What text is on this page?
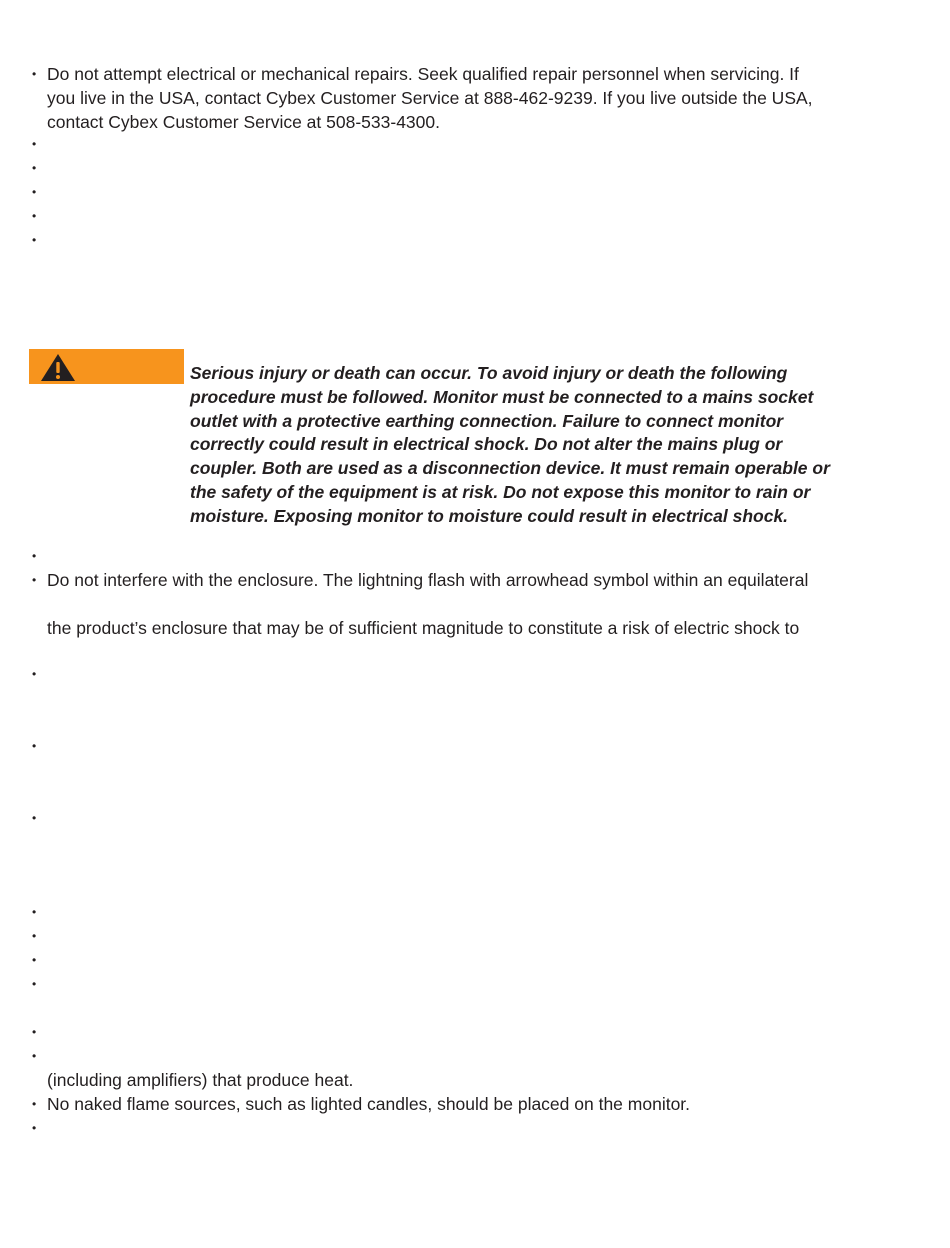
Serious injury or death can occur. To avoid injury or death the following
procedure must be followed. Monitor must be connected to a mains socket
outlet with a protective earthing connection. Failure to connect monitor
correctly could result in electrical shock. Do not alter the mains plug or
coupler. Both are used as a disconnection device. It must remain operable or
the safety of the equipment is at risk. Do not expose this monitor to rain or
moisture. Exposing monitor to moisture could result in electrical shock.
• Do not attempt electrical or mechanical repairs. Seek qualified repair personnel when servicing. If
you live in the USA, contact Cybex Customer Service at 888-462-9239. If you live outside the USA,
contact Cybex Customer Service at 508-533-4300.
•
•
•
•
•
•
• Do not interfere with the enclosure. The lightning flash with arrowhead symbol within an equilateral
•
•
•
•
•
•
•
•
•
• No naked flame sources, such as lighted candles, should be placed on the monitor.
•
the product’s enclosure that may be of sufficient magnitude to constitute a risk of electric shock to
(including amplifiers) that produce heat.
